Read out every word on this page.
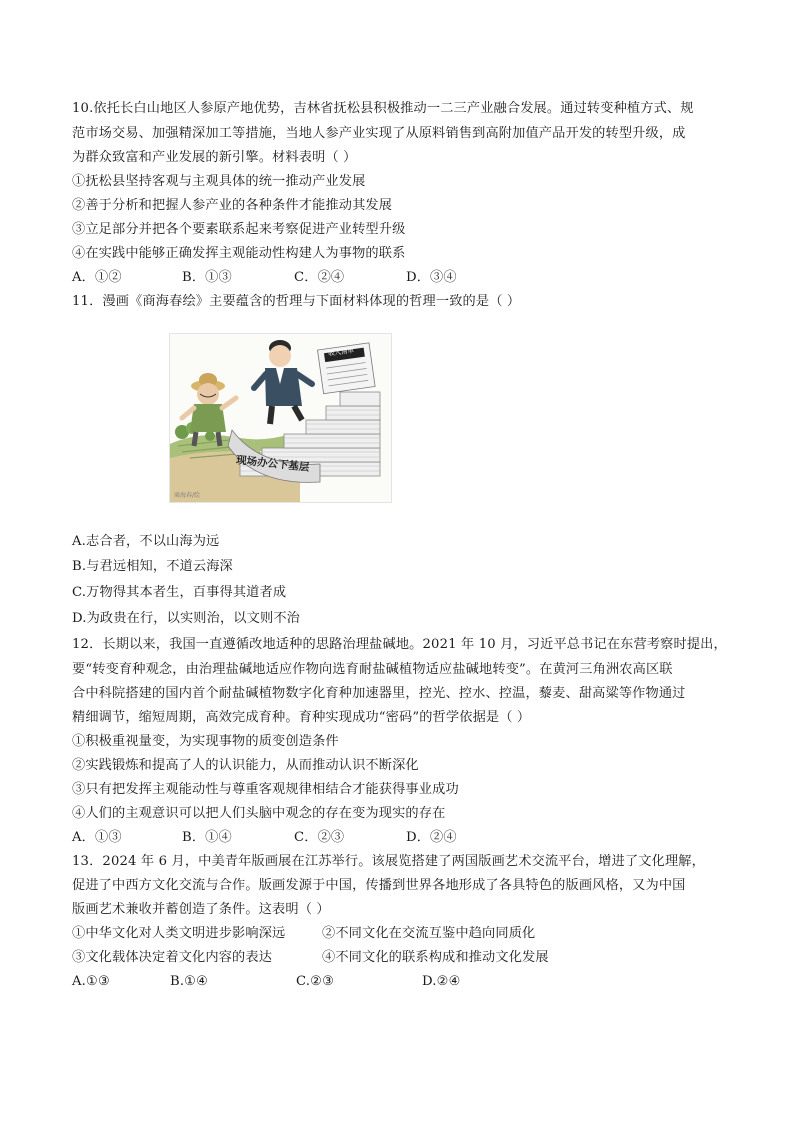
10.依托长白山地区人参原产地优势，吉林省抚松县积极推动一二三产业融合发展。通过转变种植方式、规
范市场交易、加强精深加工等措施，当地人参产业实现了从原料销售到高附加值产品开发的转型升级，成
为群众致富和产业发展的新引擎。材料表明（ ）
①抚松县坚持客观与主观具体的统一推动产业发展
②善于分析和把握人参产业的各种条件才能推动其发展
③立足部分并把各个要素联系起来考察促进产业转型升级
④在实践中能够正确发挥主观能动性构建人为事物的联系
A．①②	B．①③	C．②④	D．③④
11．漫画《商海春绘》主要蕴含的哲理与下面材料体现的哲理一致的是（ ）
现场办公下基层
收入清单
商海春/绘
A.志合者，不以山海为远
B.与君远相知，不道云海深
C.万物得其本者生，百事得其道者成
D.为政贵在行，以实则治，以文则不治
12．长期以来，我国一直遵循改地适种的思路治理盐碱地。2021 年 10 月，习近平总书记在东营考察时提出，
要“转变育种观念，由治理盐碱地适应作物向选育耐盐碱植物适应盐碱地转变”。在黄河三角洲农高区联
合中科院搭建的国内首个耐盐碱植物数字化育种加速器里，控光、控水、控温，藜麦、甜高粱等作物通过
精细调节，缩短周期，高效完成育种。育种实现成功“密码”的哲学依据是（ ）
①积极重视量变，为实现事物的质变创造条件
②实践锻炼和提高了人的认识能力，从而推动认识不断深化
③只有把发挥主观能动性与尊重客观规律相结合才能获得事业成功
④人们的主观意识可以把人们头脑中观念的存在变为现实的存在
A．①③	B．①④	C．②③	D．②④
13．2024 年 6 月，中美青年版画展在江苏举行。该展览搭建了两国版画艺术交流平台，增进了文化理解，
促进了中西方文化交流与合作。版画发源于中国，传播到世界各地形成了各具特色的版画风格，又为中国
版画艺术兼收并蓄创造了条件。这表明（ ）
①中华文化对人类文明进步影响深远	②不同文化在交流互鉴中趋向同质化
③文化载体决定着文化内容的表达	④不同文化的联系构成和推动文化发展
A.①③	B.①④	C.②③	D.②④
